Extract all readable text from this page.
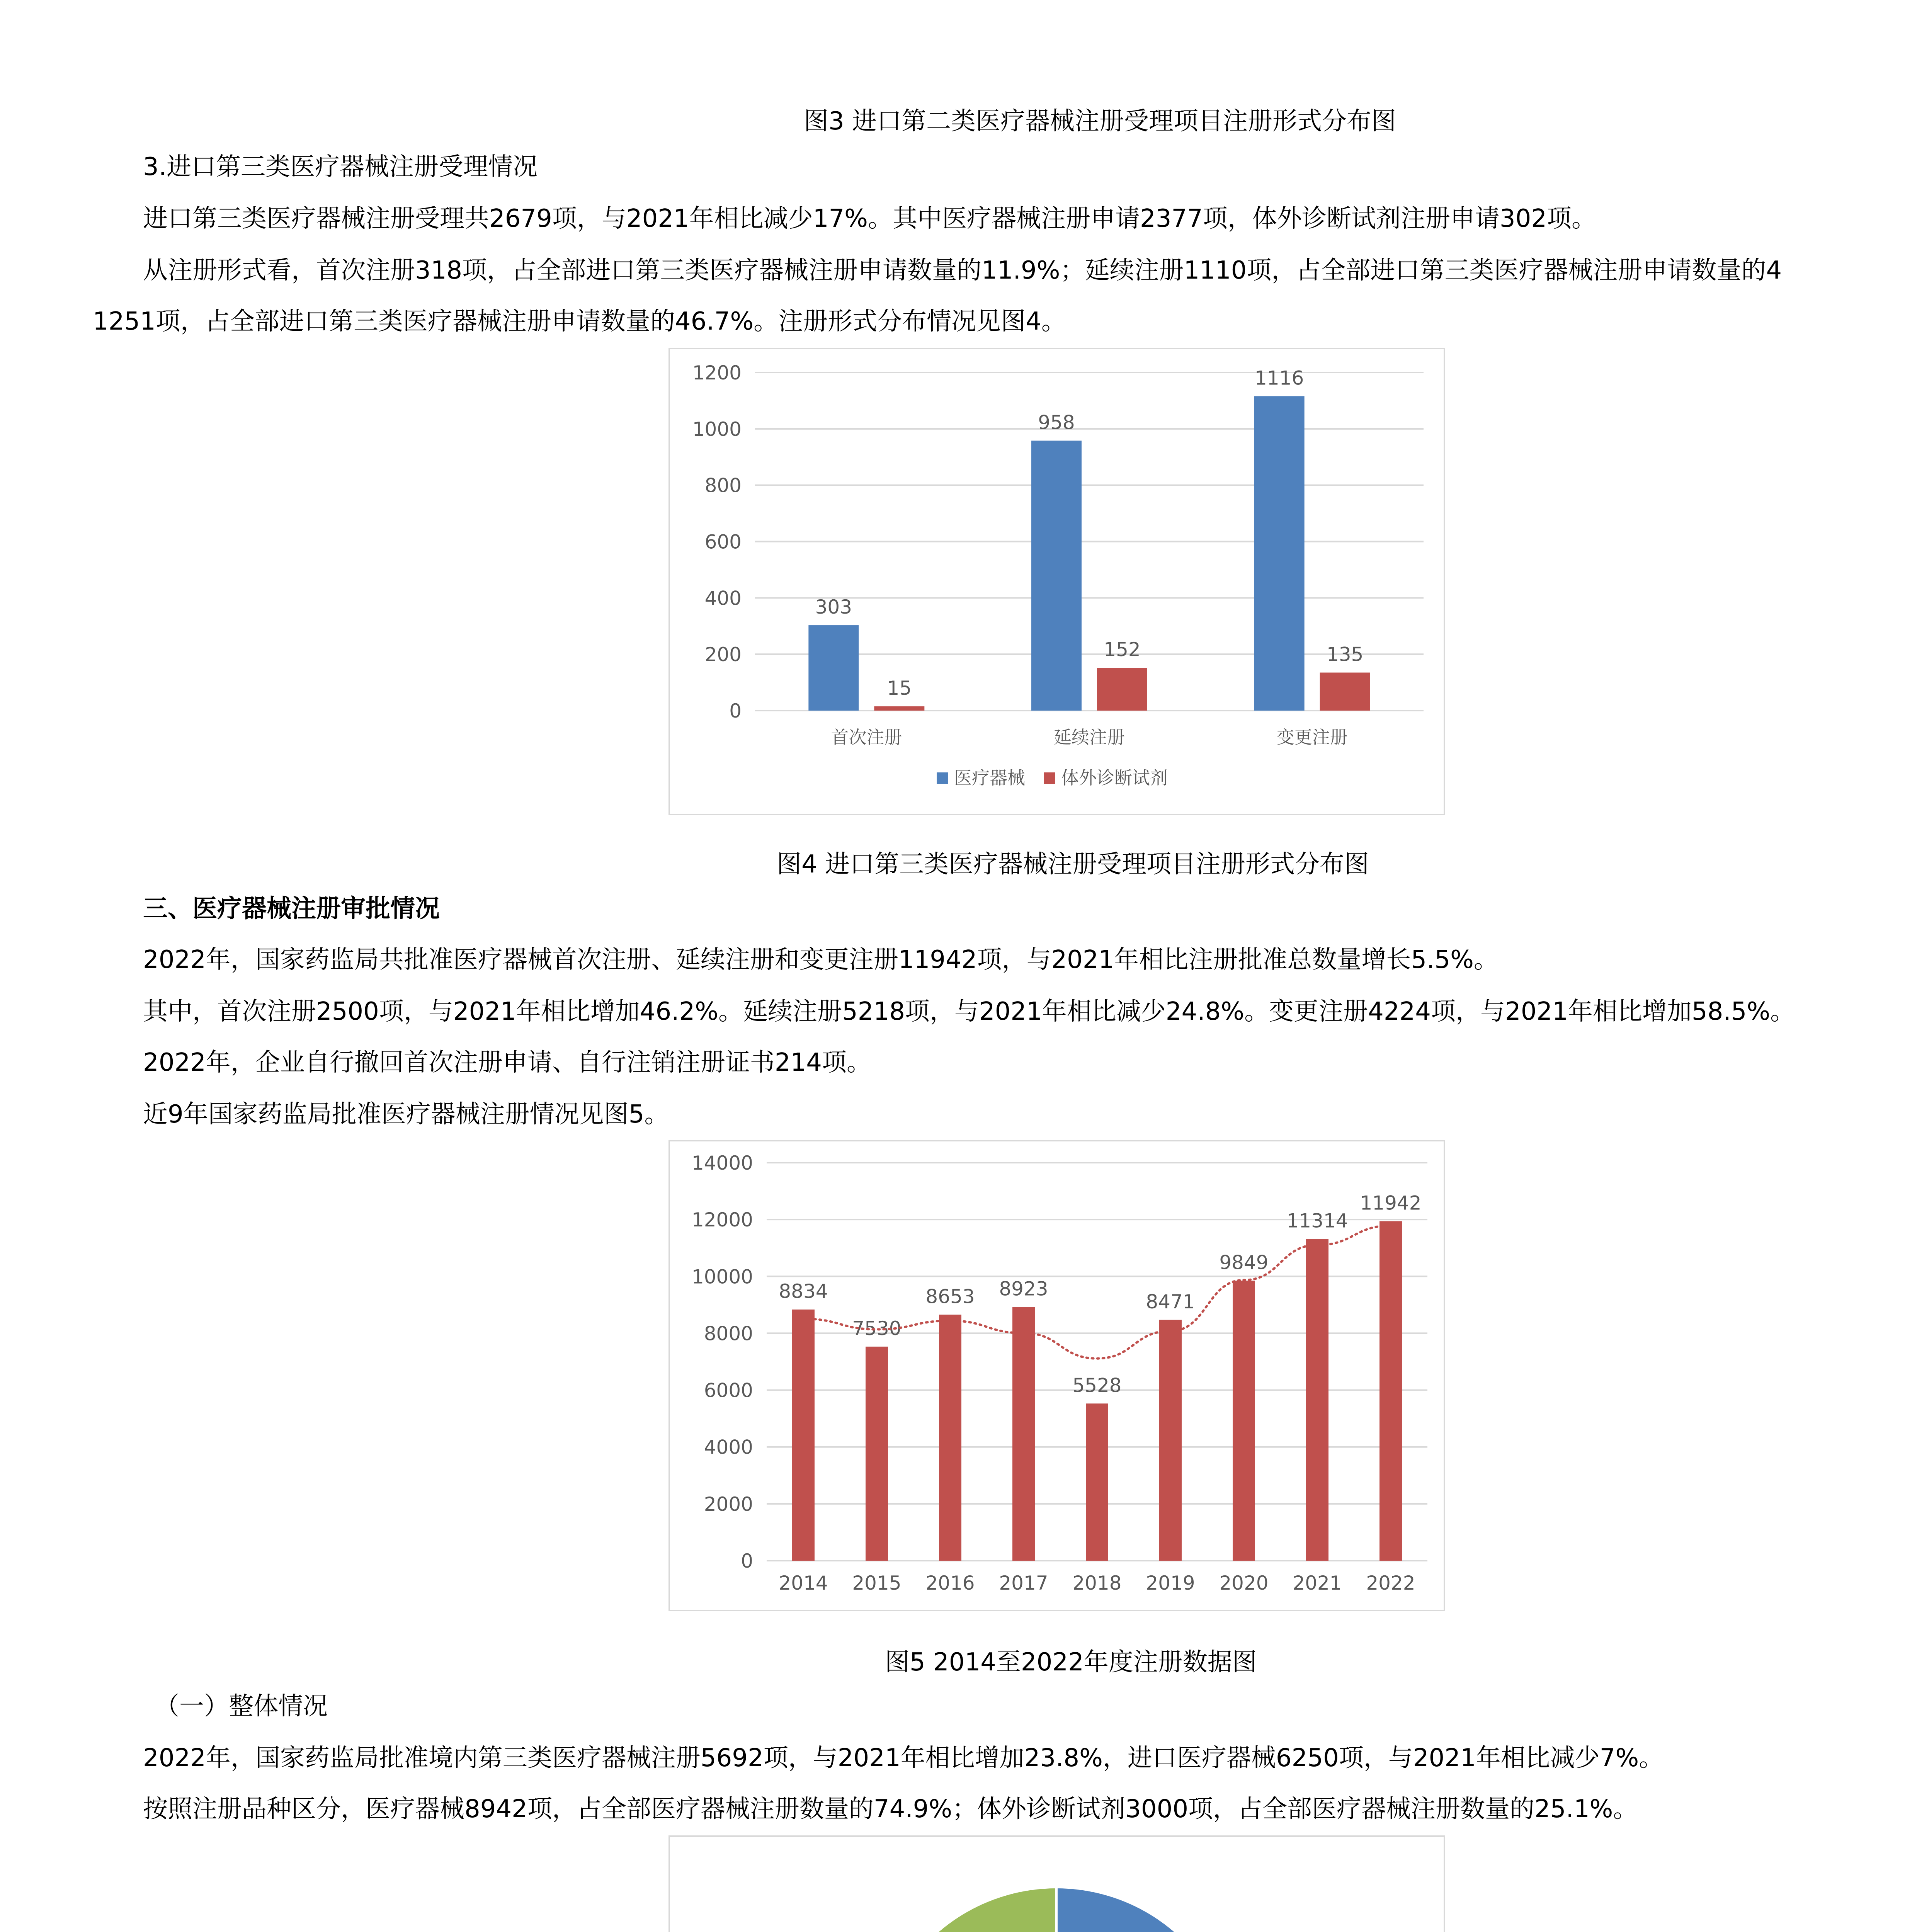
图3 进口第二类医疗器械注册受理项目注册形式分布图
3.进口第三类医疗器械注册受理情况
进口第三类医疗器械注册受理共2679项，与2021年相比减少17%。其中医疗器械注册申请2377项，体外诊断试剂注册申请302项。
从注册形式看，首次注册318项，占全部进口第三类医疗器械注册申请数量的11.9%；延续注册1110项，占全部进口第三类医疗器械注册申请数量的4
1251项，占全部进口第三类医疗器械注册申请数量的46.7%。注册形式分布情况见图4。
0
200
400
600
800
1000
1200
303
15
首次注册
958
152
延续注册
1116
135
变更注册
医疗器械 体外诊断试剂
图4 进口第三类医疗器械注册受理项目注册形式分布图
三、医疗器械注册审批情况
2022年，国家药监局共批准医疗器械首次注册、延续注册和变更注册11942项，与2021年相比注册批准总数量增长5.5%。
其中，首次注册2500项，与2021年相比增加46.2%。延续注册5218项，与2021年相比减少24.8%。变更注册4224项，与2021年相比增加58.5%。
2022年，企业自行撤回首次注册申请、自行注销注册证书214项。
近9年国家药监局批准医疗器械注册情况见图5。
0
2000
4000
6000
8000
10000
12000
14000
8834
2014
7530
2015
8653
2016
8923
2017
5528
2018
8471
2019
9849
2020
11314
2021
11942
2022
图5 2014至2022年度注册数据图
（一）整体情况
2022年，国家药监局批准境内第三类医疗器械注册5692项，与2021年相比增加23.8%，进口医疗器械6250项，与2021年相比减少7%。
按照注册品种区分，医疗器械8942项，占全部医疗器械注册数量的74.9%；体外诊断试剂3000项，占全部医疗器械注册数量的25.1%。
